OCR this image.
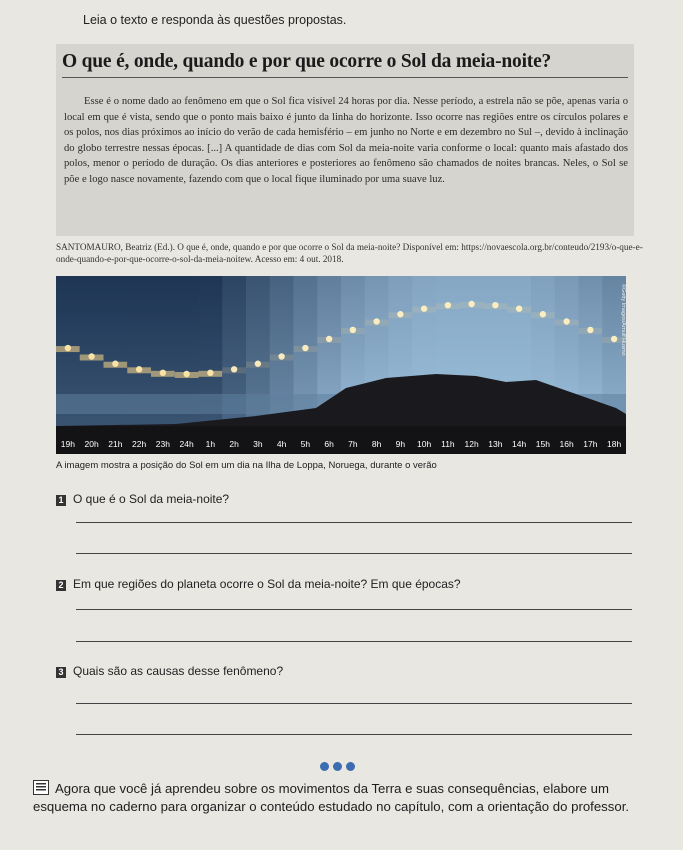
Leia o texto e responda às questões propostas.
O que é, onde, quando e por que ocorre o Sol da meia-noite?
Esse é o nome dado ao fenômeno em que o Sol fica visível 24 horas por dia. Nesse período, a estrela não se põe, apenas varia o local em que é vista, sendo que o ponto mais baixo é junto da linha do horizonte. Isso ocorre nas regiões entre os círculos polares e os polos, nos dias próximos ao início do verão de cada hemisfério – em junho no Norte e em dezembro no Sul –, devido à inclinação do globo terrestre nessas épocas. [...] A quantidade de dias com Sol da meia-noite varia conforme o local: quanto mais afastado dos polos, menor o período de duração. Os dias anteriores e posteriores ao fenômeno são chamados de noites brancas. Neles, o Sol se põe e logo nasce novamente, fazendo com que o local fique iluminado por uma suave luz.
SANTOMAURO, Beatriz (Ed.). O que é, onde, quando e por que ocorre o Sol da meia-noite? Disponível em: https://novaescola.org.br/conteudo/2193/o-que-e-onde-quando-e-por-que-ocorre-o-sol-da-meia-noitew. Acesso em: 4 out. 2018.
19h 20h 21h 22h 23h 24h 1h 2h 3h 4h 5h 6h 7h 8h 9h 10h 11h 12h 13h 14h 15h 16h 17h 18h
©Getty Images/Arnulf Husmo
A imagem mostra a posição do Sol em um dia na Ilha de Loppa, Noruega, durante o verão
1 O que é o Sol da meia-noite?
2 Em que regiões do planeta ocorre o Sol da meia-noite? Em que épocas?
3 Quais são as causas desse fenômeno?
Agora que você já aprendeu sobre os movimentos da Terra e suas consequências, elabore um esquema no caderno para organizar o conteúdo estudado no capítulo, com a orientação do professor.
